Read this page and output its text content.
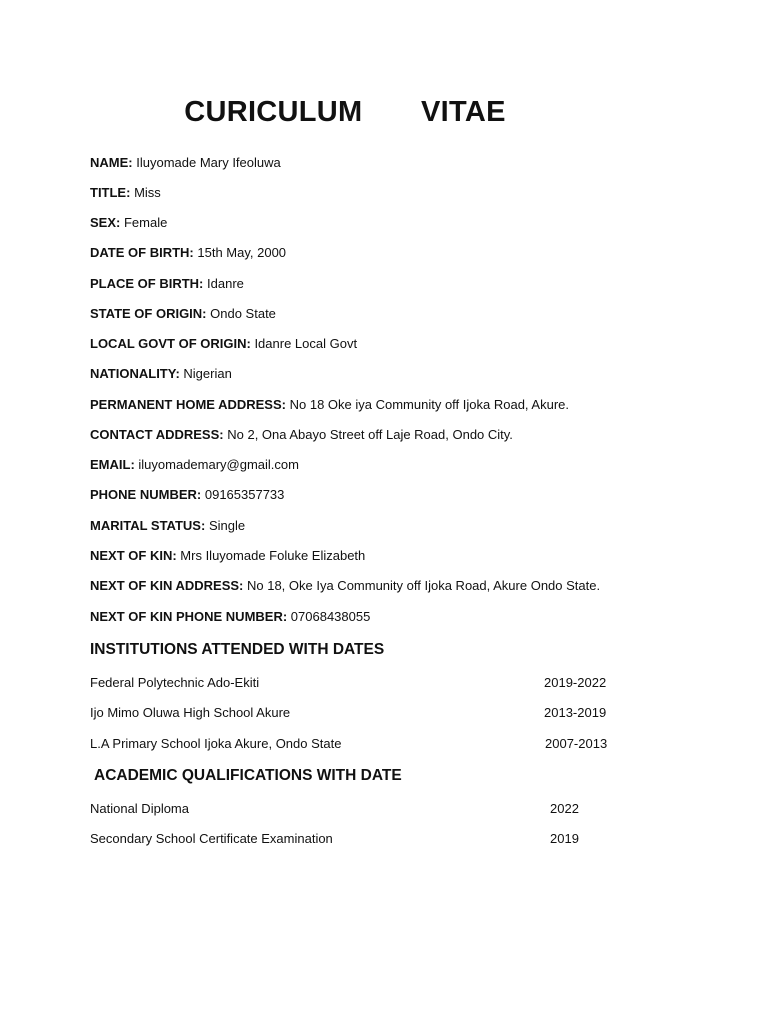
CURICULUM VITAE
NAME: Iluyomade Mary Ifeoluwa
TITLE: Miss
SEX: Female
DATE OF BIRTH: 15th May, 2000
PLACE OF BIRTH: Idanre
STATE OF ORIGIN: Ondo State
LOCAL GOVT OF ORIGIN: Idanre Local Govt
NATIONALITY: Nigerian
PERMANENT HOME ADDRESS: No 18 Oke iya Community off Ijoka Road, Akure.
CONTACT ADDRESS: No 2, Ona Abayo Street off Laje Road, Ondo City.
EMAIL: iluyomademary@gmail.com
PHONE NUMBER: 09165357733
MARITAL STATUS: Single
NEXT OF KIN: Mrs Iluyomade Foluke Elizabeth
NEXT OF KIN ADDRESS: No 18, Oke Iya Community off Ijoka Road, Akure Ondo State.
NEXT OF KIN PHONE NUMBER: 07068438055
INSTITUTIONS ATTENDED WITH DATES
Federal Polytechnic Ado-Ekiti	2019-2022
Ijo Mimo Oluwa High School Akure	2013-2019
L.A Primary School Ijoka Akure, Ondo State	2007-2013
ACADEMIC QUALIFICATIONS WITH DATE
National Diploma	2022
Secondary School Certificate Examination	2019
